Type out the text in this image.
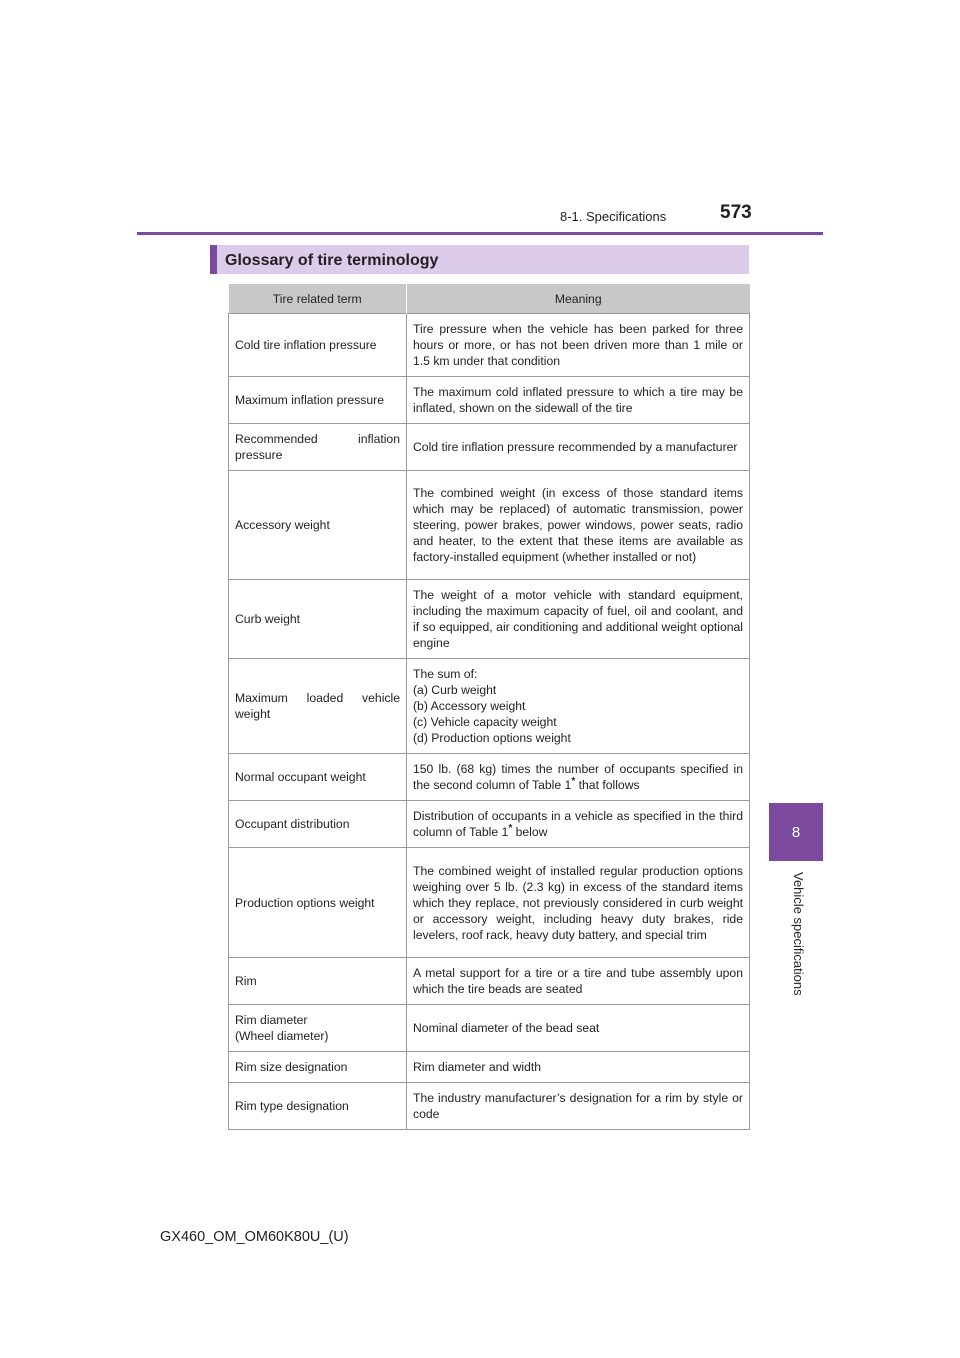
8-1. Specifications	573
8
Vehicle specifications
Glossary of tire terminology
Tire related term	Meaning
Cold tire inflation pressure	Tire pressure when the vehicle has been parked for three hours or more, or has not been driven more than 1 mile or 1.5 km under that condition
Maximum inflation pressure	The maximum cold inflated pressure to which a tire may be inflated, shown on the sidewall of the tire
Recommended inflation pressure	Cold tire inflation pressure recommended by a manufacturer
Accessory weight	The combined weight (in excess of those standard items which may be replaced) of automatic transmission, power steering, power brakes, power windows, power seats, radio and heater, to the extent that these items are available as factory-installed equipment (whether installed or not)
Curb weight	The weight of a motor vehicle with standard equipment, including the maximum capacity of fuel, oil and coolant, and if so equipped, air conditioning and additional weight optional engine
Maximum loaded vehicle weight	The sum of:
(a) Curb weight
(b) Accessory weight
(c) Vehicle capacity weight
(d) Production options weight
Normal occupant weight	150 lb. (68 kg) times the number of occupants specified in the second column of Table 1* that follows
Occupant distribution	Distribution of occupants in a vehicle as specified in the third column of Table 1* below
Production options weight	The combined weight of installed regular production options weighing over 5 lb. (2.3 kg) in excess of the standard items which they replace, not previously considered in curb weight or accessory weight, including heavy duty brakes, ride levelers, roof rack, heavy duty battery, and special trim
Rim	A metal support for a tire or a tire and tube assembly upon which the tire beads are seated
Rim diameter
(Wheel diameter)	Nominal diameter of the bead seat
Rim size designation	Rim diameter and width
Rim type designation	The industry manufacturer’s designation for a rim by style or code
GX460_OM_OM60K80U_(U)
